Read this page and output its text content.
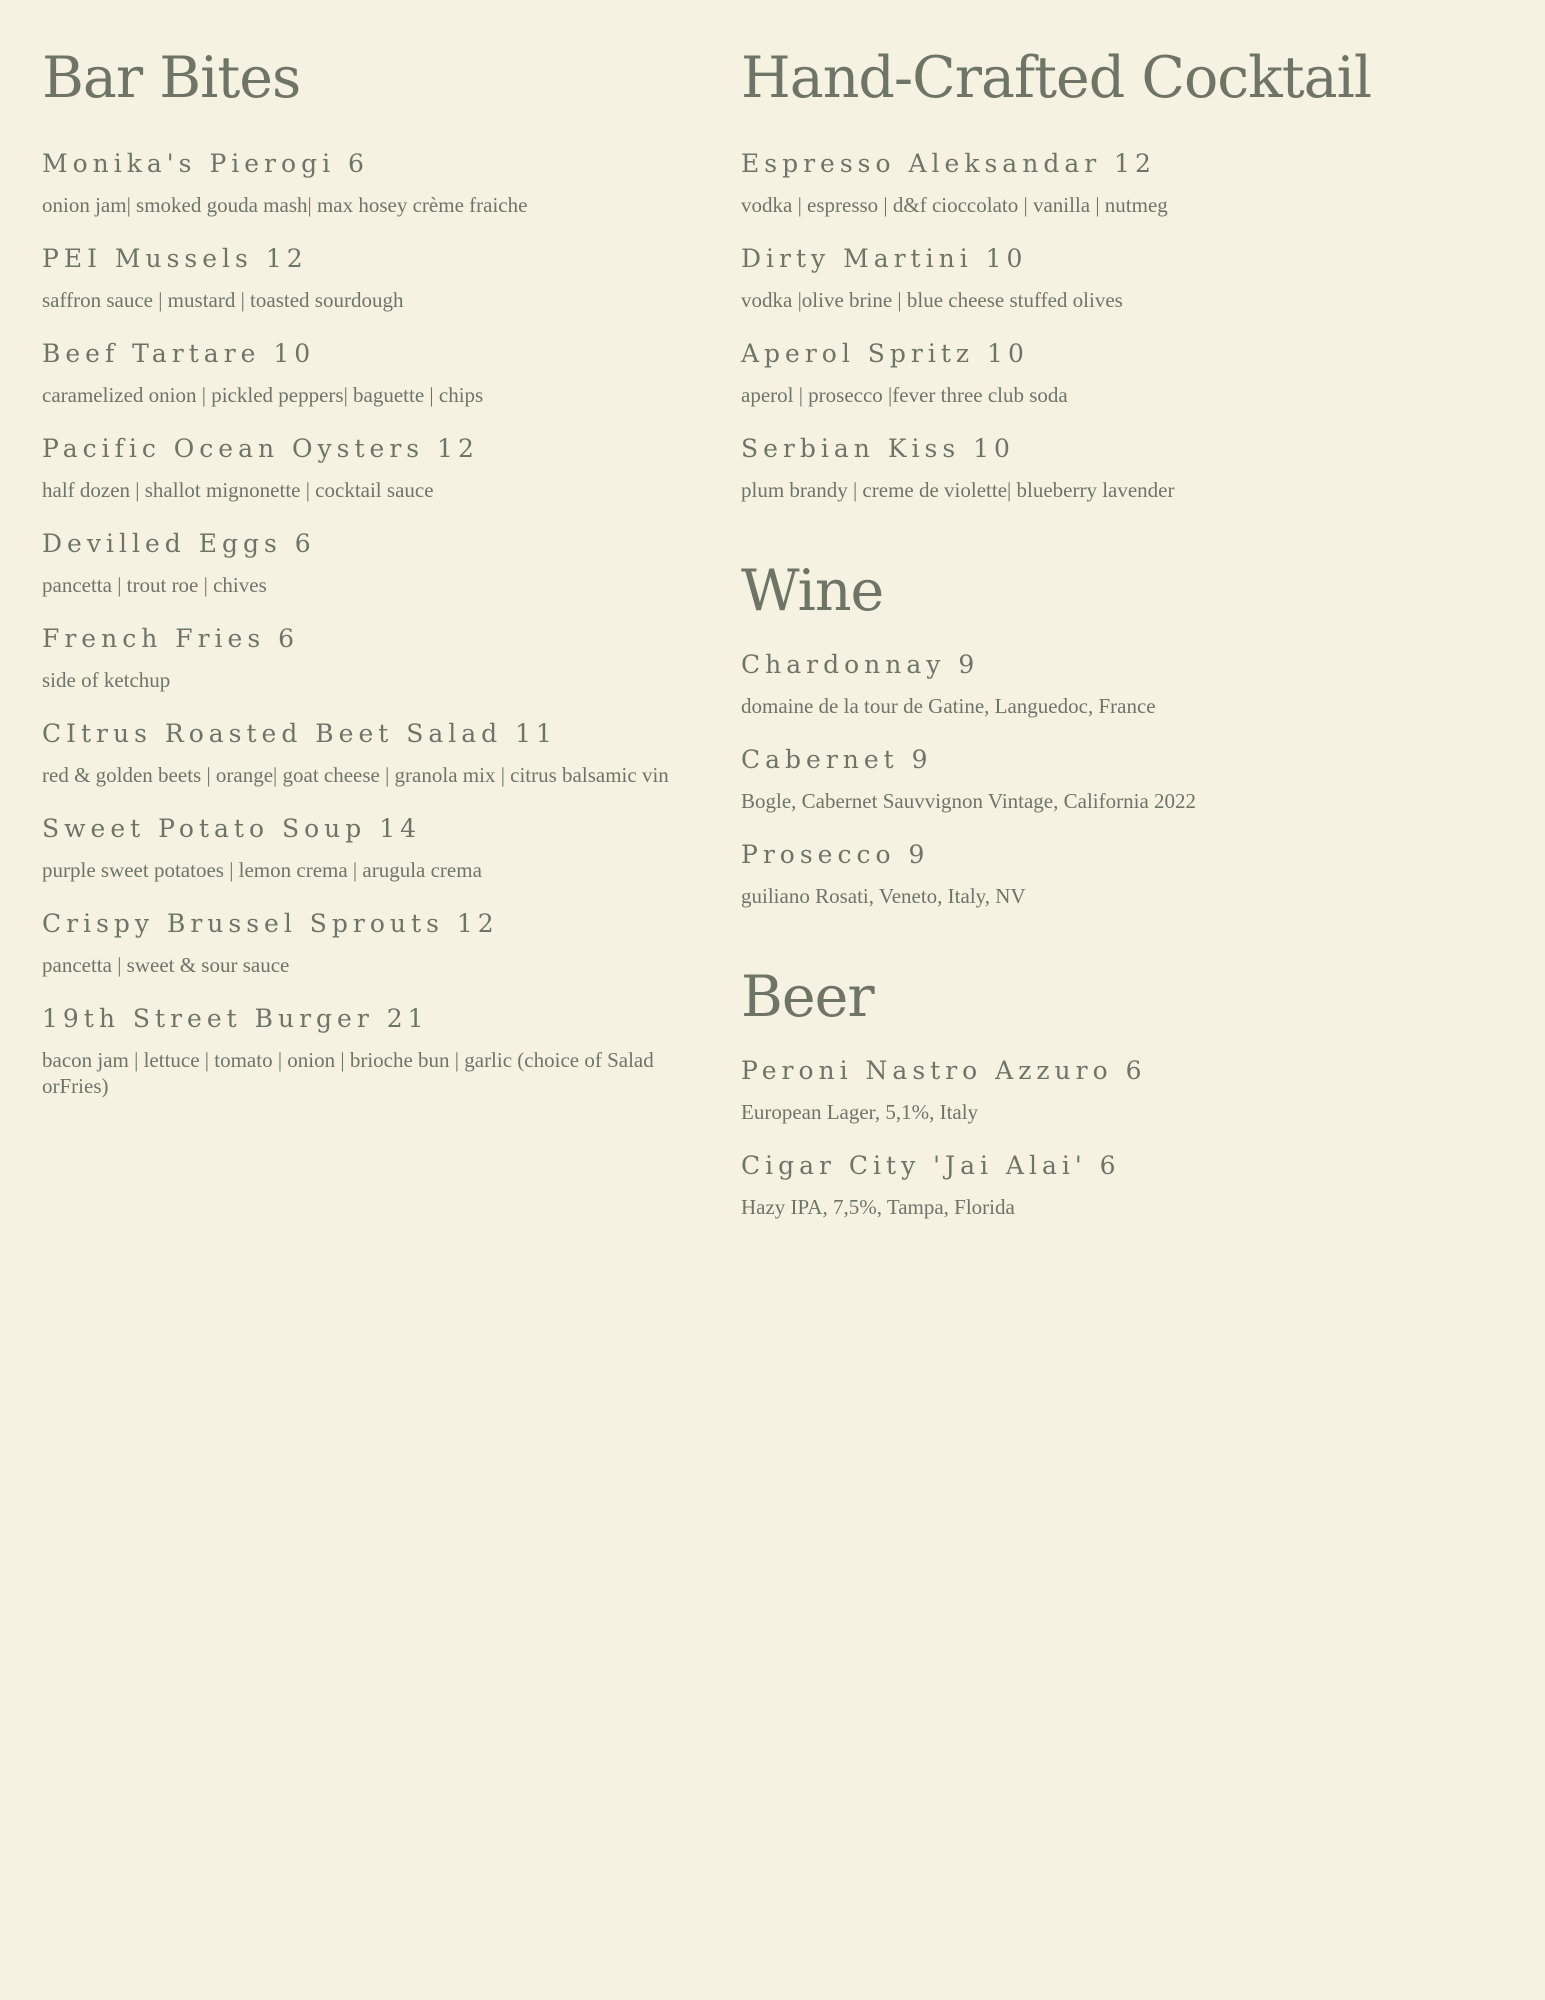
Bar Bites

Monika's Pierogi 6

onion jam| smoked gouda mash| max hosey crème fraiche

PEI Mussels 12

saffron sauce | mustard | toasted sourdough

Beef Tartare 10

caramelized onion | pickled peppers| baguette | chips

Pacific Ocean Oysters 12

half dozen | shallot mignonette | cocktail sauce

Devilled Eggs 6

pancetta | trout roe | chives

French Fries 6

side of ketchup

CItrus Roasted Beet Salad 11

red & golden beets | orange| goat cheese | granola mix | citrus balsamic vin

Sweet Potato Soup 14

purple sweet potatoes | lemon crema | arugula crema

Crispy Brussel Sprouts 12

pancetta | sweet & sour sauce

19th Street Burger 21

bacon jam | lettuce | tomato | onion | brioche bun | garlic (choice of Salad orFries)

Hand-Crafted Cocktail

Espresso Aleksandar 12

vodka | espresso | d&f cioccolato | vanilla | nutmeg

Dirty Martini 10

vodka |olive brine | blue cheese stuffed olives

Aperol Spritz 10

aperol | prosecco |fever three club soda

Serbian Kiss 10

plum brandy | creme de violette| blueberry lavender

Wine

Chardonnay 9

domaine de la tour de Gatine, Languedoc, France

Cabernet 9

Bogle, Cabernet Sauvvignon Vintage, California 2022

Prosecco 9

guiliano Rosati, Veneto, Italy, NV

Beer

Peroni Nastro Azzuro 6

European Lager, 5,1%, Italy

Cigar City 'Jai Alai' 6

Hazy IPA, 7,5%, Tampa, Florida
